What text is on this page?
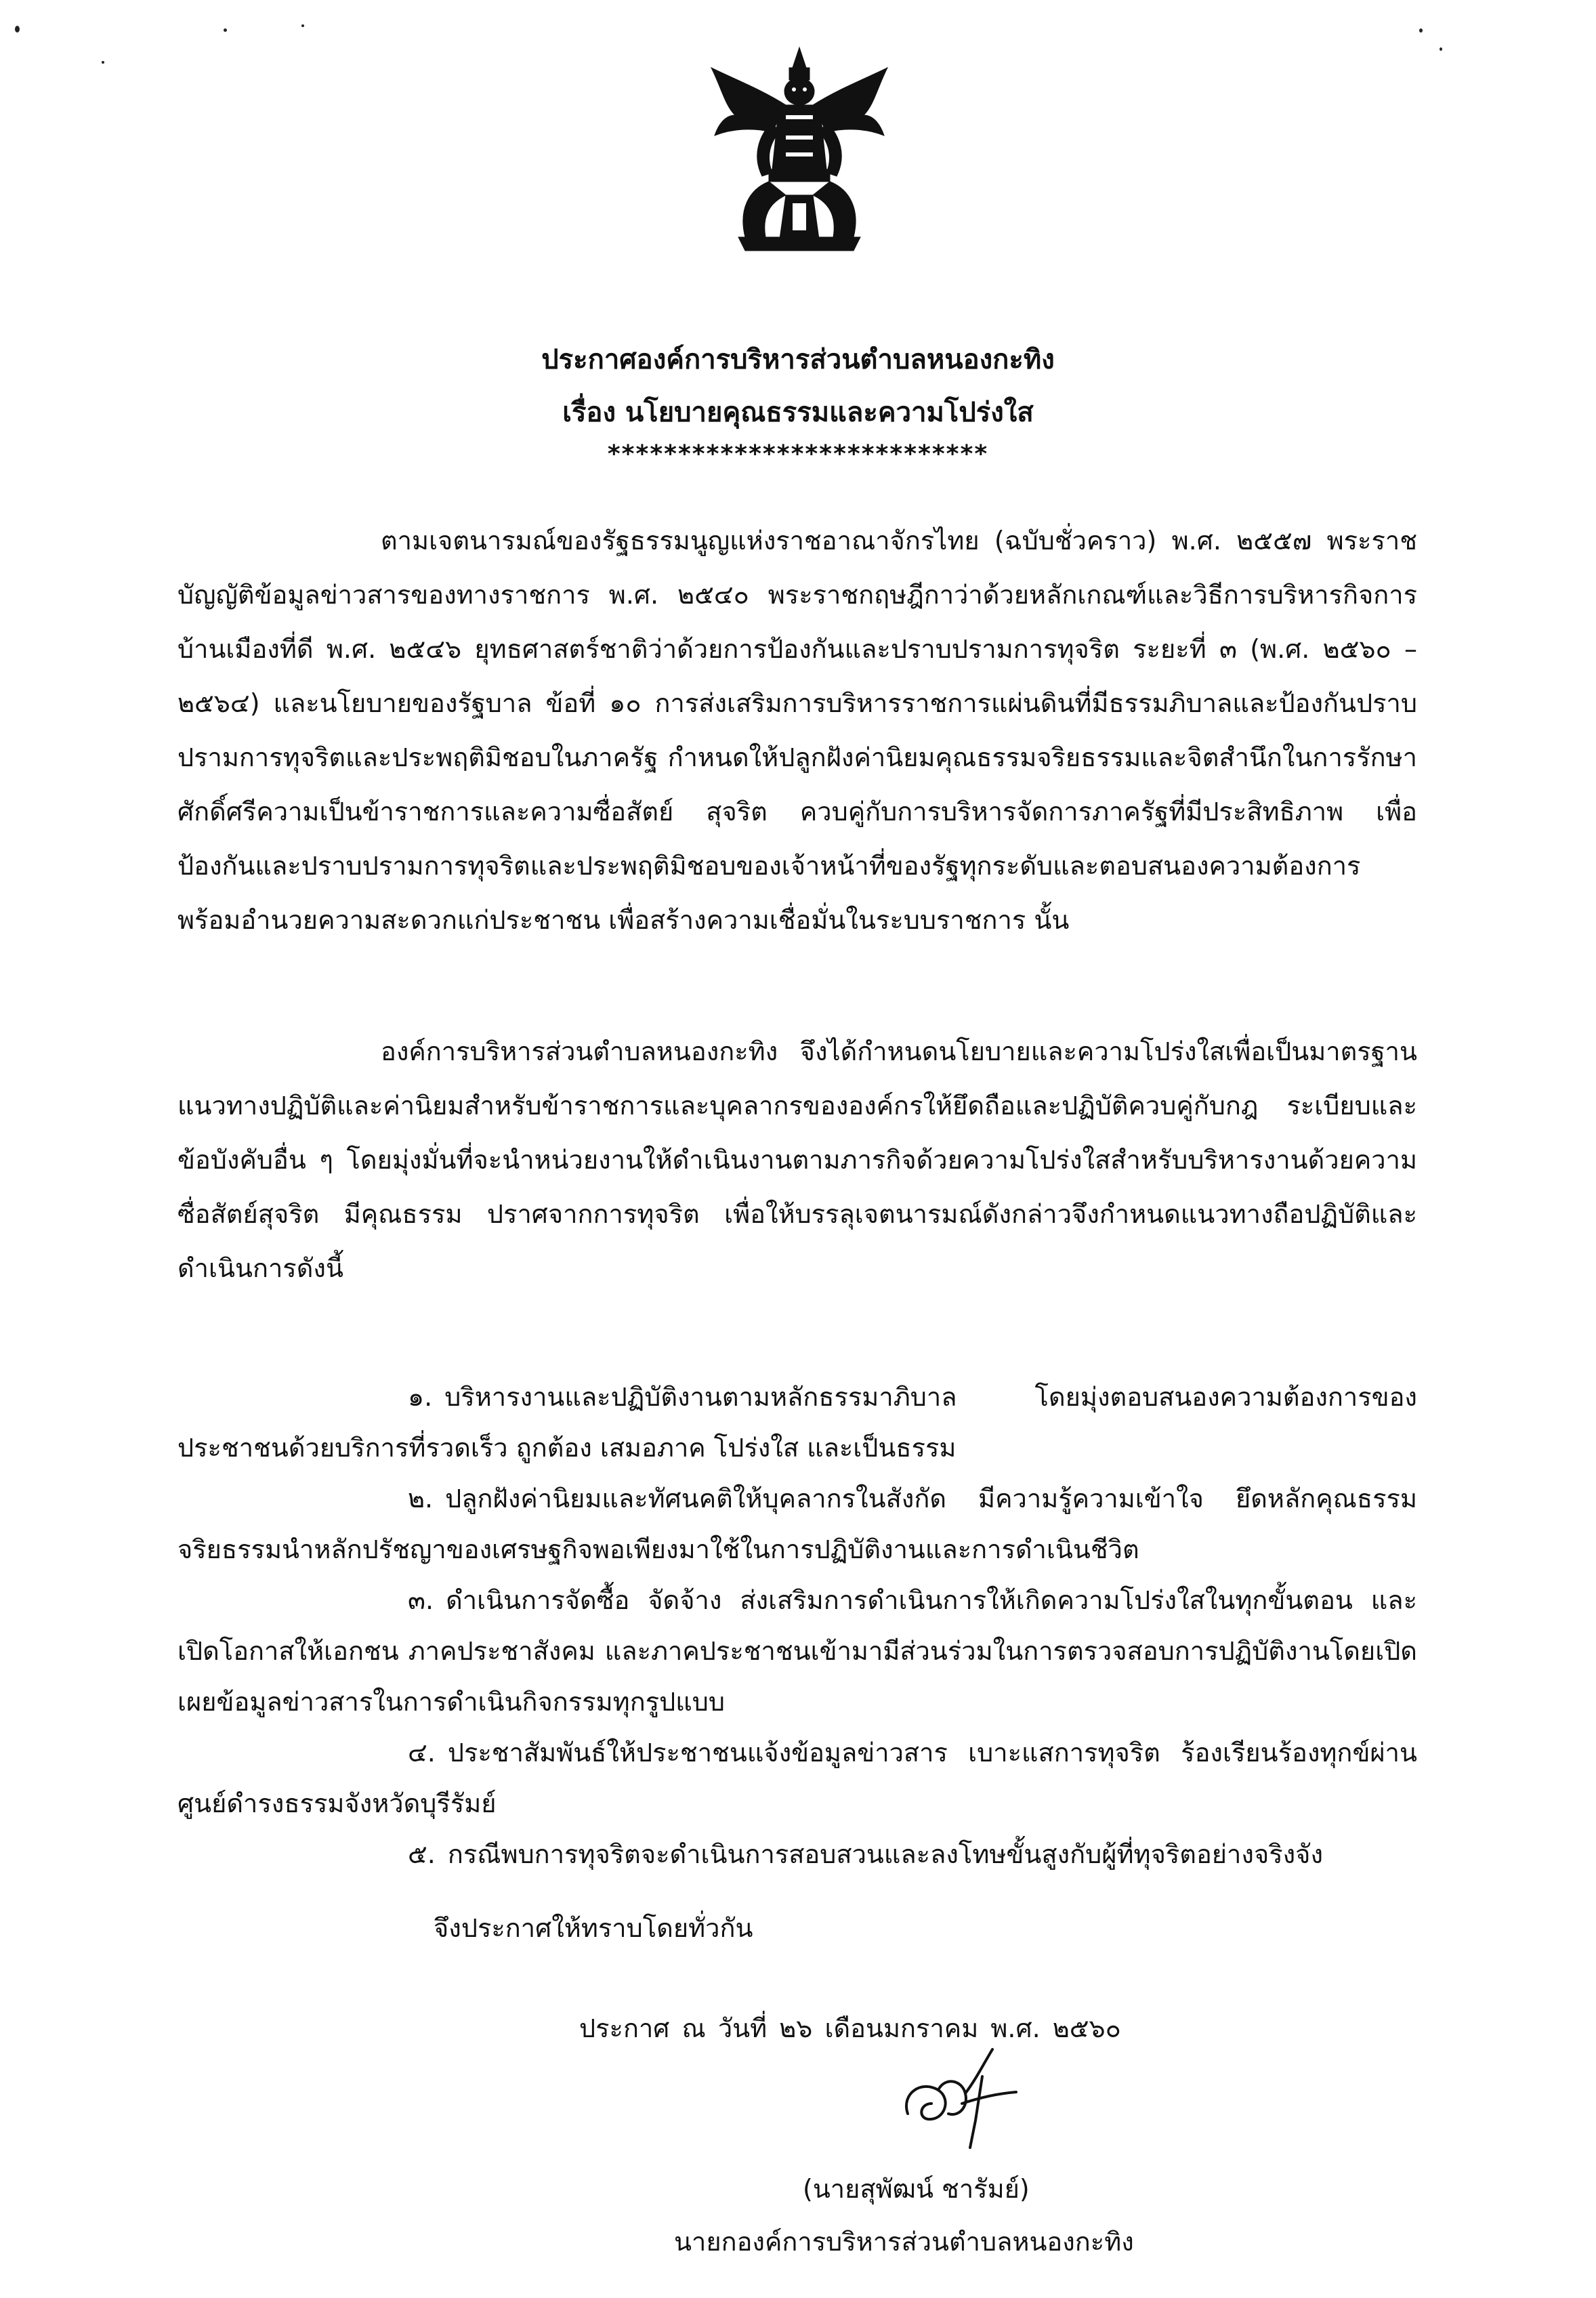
ประกาศองค์การบริหารส่วนตำบลหนองกะทิง
เรื่อง นโยบายคุณธรรมและความโปร่งใส
***************************
ตามเจตนารมณ์ของรัฐธรรมนูญแห่งราชอาณาจักรไทย (ฉบับชั่วคราว) พ.ศ. ๒๕๕๗ พระราชบัญญัติข้อมูลข่าวสารของทางราชการ พ.ศ. ๒๕๔๐ พระราชกฤษฎีกาว่าด้วยหลักเกณฑ์และวิธีการบริหารกิจการบ้านเมืองที่ดี พ.ศ. ๒๕๔๖ ยุทธศาสตร์ชาติว่าด้วยการป้องกันและปราบปรามการทุจริต ระยะที่ ๓ (พ.ศ. ๒๕๖๐ – ๒๕๖๔) และนโยบายของรัฐบาล ข้อที่ ๑๐ การส่งเสริมการบริหารราชการแผ่นดินที่มีธรรมภิบาลและป้องกันปราบปรามการทุจริตและประพฤติมิชอบในภาครัฐ กำหนดให้ปลูกฝังค่านิยมคุณธรรมจริยธรรมและจิตสำนึกในการรักษาศักดิ์ศรีความเป็นข้าราชการและความซื่อสัตย์ สุจริต ควบคู่กับการบริหารจัดการภาครัฐที่มีประสิทธิภาพ เพื่อป้องกันและปราบปรามการทุจริตและประพฤติมิชอบของเจ้าหน้าที่ของรัฐทุกระดับและตอบสนองความต้องการพร้อมอำนวยความสะดวกแก่ประชาชน เพื่อสร้างความเชื่อมั่นในระบบราชการ นั้น
องค์การบริหารส่วนตำบลหนองกะทิง จึงได้กำหนดนโยบายและความโปร่งใสเพื่อเป็นมาตรฐาน แนวทางปฏิบัติและค่านิยมสำหรับข้าราชการและบุคลากรขององค์กรให้ยึดถือและปฏิบัติควบคู่กับกฎ ระเบียบและข้อบังคับอื่น ๆ โดยมุ่งมั่นที่จะนำหน่วยงานให้ดำเนินงานตามภารกิจด้วยความโปร่งใสสำหรับบริหารงานด้วยความซื่อสัตย์สุจริต มีคุณธรรม ปราศจากการทุจริต เพื่อให้บรรลุเจตนารมณ์ดังกล่าวจึงกำหนดแนวทางถือปฏิบัติและดำเนินการดังนี้
๑. บริหารงานและปฏิบัติงานตามหลักธรรมาภิบาล โดยมุ่งตอบสนองความต้องการของประชาชนด้วยบริการที่รวดเร็ว ถูกต้อง เสมอภาค โปร่งใส และเป็นธรรม
๒. ปลูกฝังค่านิยมและทัศนคติให้บุคลากรในสังกัด มีความรู้ความเข้าใจ ยึดหลักคุณธรรม จริยธรรมนำหลักปรัชญาของเศรษฐกิจพอเพียงมาใช้ในการปฏิบัติงานและการดำเนินชีวิต
๓. ดำเนินการจัดซื้อ จัดจ้าง ส่งเสริมการดำเนินการให้เกิดความโปร่งใสในทุกขั้นตอน และเปิดโอกาสให้เอกชน ภาคประชาสังคม และภาคประชาชนเข้ามามีส่วนร่วมในการตรวจสอบการปฏิบัติงานโดยเปิดเผยข้อมูลข่าวสารในการดำเนินกิจกรรมทุกรูปแบบ
๔. ประชาสัมพันธ์ให้ประชาชนแจ้งข้อมูลข่าวสาร เบาะแสการทุจริต ร้องเรียนร้องทุกข์ผ่านศูนย์ดำรงธรรมจังหวัดบุรีรัมย์
๕. กรณีพบการทุจริตจะดำเนินการสอบสวนและลงโทษขั้นสูงกับผู้ที่ทุจริตอย่างจริงจัง
จึงประกาศให้ทราบโดยทั่วกัน
ประกาศ ณ วันที่ ๒๖ เดือนมกราคม พ.ศ. ๒๕๖๐
(นายสุพัฒน์ ชารัมย์)
นายกองค์การบริหารส่วนตำบลหนองกะทิง
